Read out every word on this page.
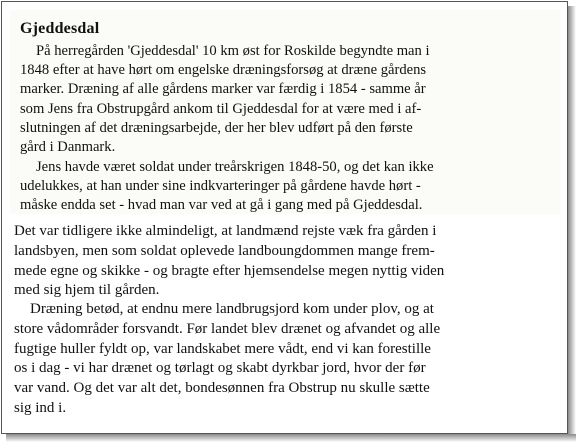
Gjeddesdal

På herregården 'Gjeddesdal' 10 km øst for Roskilde begyndte man i
1848 efter at have hørt om engelske dræningsforsøg at dræne gårdens
marker. Dræning af alle gårdens marker var færdig i 1854 - samme år
som Jens fra Obstrupgård ankom til Gjeddesdal for at være med i af-
slutningen af det dræningsarbejde, der her blev udført på den første
gård i Danmark.

Jens havde været soldat under treårskrigen 1848-50, og det kan ikke
udelukkes, at han under sine indkvarteringer på gårdene havde hørt -
måske endda set - hvad man var ved at gå i gang med på Gjeddesdal.

Det var tidligere ikke almindeligt, at landmænd rejste væk fra gården i
landsbyen, men som soldat oplevede landboungdommen mange frem-
mede egne og skikke - og bragte efter hjemsendelse megen nyttig viden
med sig hjem til gården.

Dræning betød, at endnu mere landbrugsjord kom under plov, og at
store vådområder forsvandt. Før landet blev drænet og afvandet og alle
fugtige huller fyldt op, var landskabet mere vådt, end vi kan forestille
os i dag - vi har drænet og tørlagt og skabt dyrkbar jord, hvor der før
var vand. Og det var alt det, bondesønnen fra Obstrup nu skulle sætte
sig ind i.
